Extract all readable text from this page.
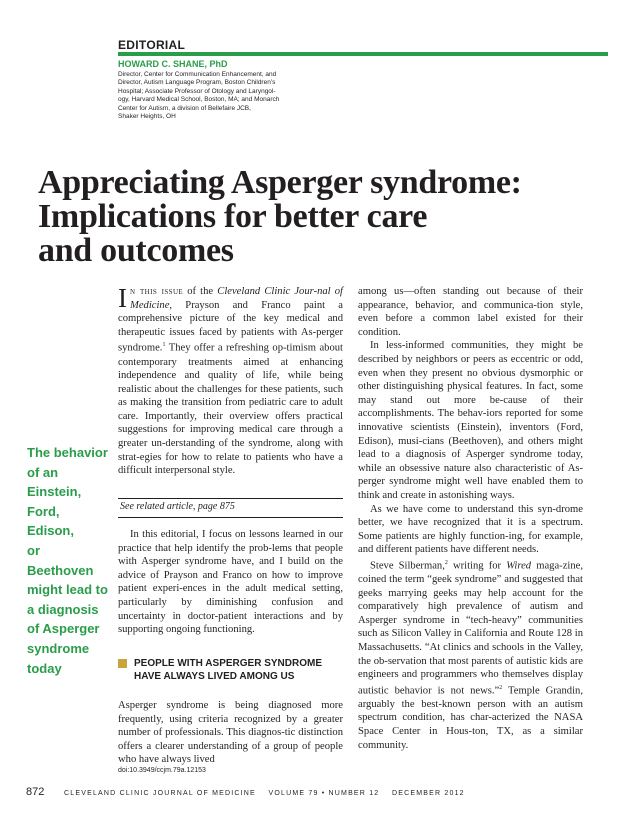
EDITORIAL
HOWARD C. SHANE, PhD
Director, Center for Communication Enhancement, and
Director, Autism Language Program, Boston Children’s
Hospital; Associate Professor of Otology and Laryngol-
ogy, Harvard Medical School, Boston, MA; and Monarch
Center for Autism, a division of Bellefaire JCB,
Shaker Heights, OH
Appreciating Asperger syndrome:
Implications for better care
and outcomes
The behavior
of an Einstein,
Ford, Edison,
or Beethoven
might lead to
a diagnosis
of Asperger
syndrome
today

In this issue of the Cleveland Clinic Jour-nal of Medicine, Prayson and Franco paint a comprehensive picture of the key medical and therapeutic issues faced by patients with As-perger syndrome.$^1$ They offer a refreshing op-timism about contemporary treatments aimed at enhancing independence and quality of life, while being realistic about the challenges for these patients, such as making the transition from pediatric care to adult care. Importantly, their overview offers practical suggestions for improving medical care through a greater un-derstanding of the syndrome, along with strat-egies for how to relate to patients who have a difficult interpersonal style.

See related article, page 875

In this editorial, I focus on lessons learned in our practice that help identify the prob-lems that people with Asperger syndrome have, and I build on the advice of Prayson and Franco on how to improve patient experi-ences in the adult medical setting, particularly by diminishing confusion and uncertainty in doctor-patient interactions and by supporting ongoing functioning.

PEOPLE WITH ASPERGER SYNDROME
HAVE ALWAYS LIVED AMONG US

Asperger syndrome is being diagnosed more frequently, using criteria recognized by a greater number of professionals. This diagnos-tic distinction offers a clearer understanding of a group of people who have always lived

doi:10.3949/ccjm.79a.12153

among us—often standing out because of their appearance, behavior, and communica-tion style, even before a common label existed for their condition.

In less-informed communities, they might be described by neighbors or peers as eccentric or odd, even when they present no obvious dysmorphic or other distinguishing physical features. In fact, some may stand out more be-cause of their accomplishments. The behav-iors reported for some innovative scientists (Einstein), inventors (Ford, Edison), musi-cians (Beethoven), and others might lead to a diagnosis of Asperger syndrome today, while an obsessive nature also characteristic of As-perger syndrome might well have enabled them to think and create in astonishing ways.

As we have come to understand this syn-drome better, we have recognized that it is a spectrum. Some patients are highly function-ing, for example, and different patients have different needs.

Steve Silberman,$^2$ writing for Wired maga-zine, coined the term “geek syndrome” and suggested that geeks marrying geeks may help account for the comparatively high prevalence of autism and Asperger syndrome in “tech-heavy” communities such as Silicon Valley in California and Route 128 in Massachusetts. “At clinics and schools in the Valley, the ob-servation that most parents of autistic kids are engineers and programmers who themselves display autistic behavior is not news.”$^2$ Temple Grandin, arguably the best-known person with an autism spectrum condition, has char-acterized the NASA Space Center in Hous-ton, TX, as a similar community.

872	CLEVELAND CLINIC JOURNAL OF MEDICINE    VOLUME 79 • NUMBER 12    DECEMBER 2012
